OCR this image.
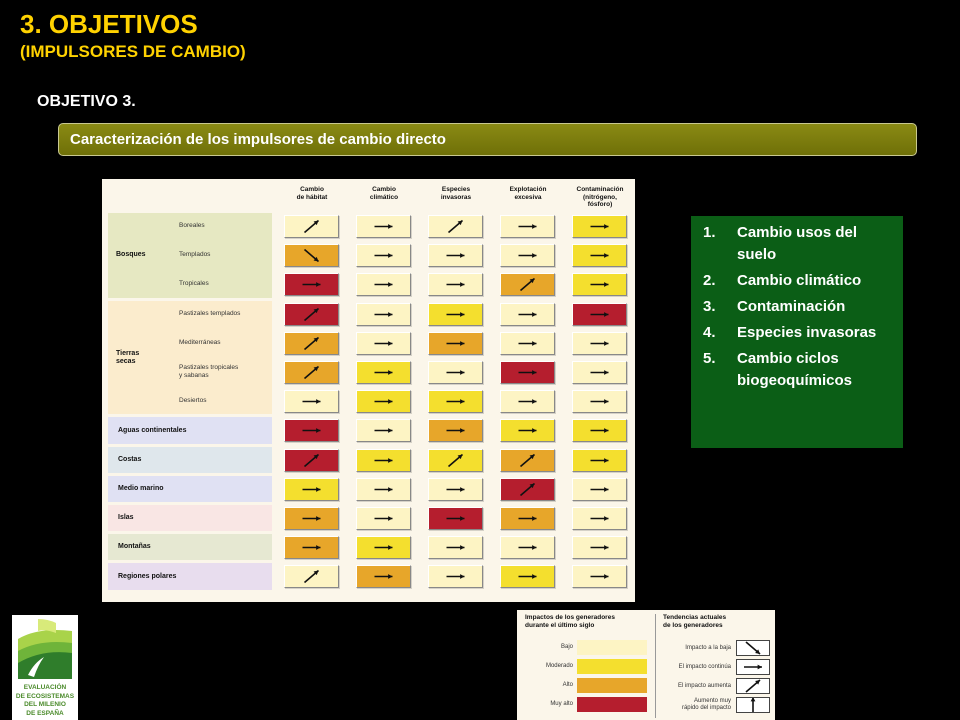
3. OBJETIVOS
(IMPULSORES DE CAMBIO)
OBJETIVO 3.
Caracterización de los impulsores de cambio directo
Cambio
de hábitat
Cambio
climático
Especies
invasoras
Explotación
excesiva
Contaminación
(nitrógeno,
fósforo)
Bosques
Boreales
Templados
Tropicales
Tierras
secas
Pastizales templados
Mediterráneas
Pastizales tropicales
y sabanas
Desiertos
Aguas continentales
Costas
Medio marino
Islas
Montañas
Regiones polares
1. Cambio usos del suelo
2. Cambio climático
3. Contaminación
4. Especies invasoras
5. Cambio ciclos biogeoquímicos
Impactos de los generadores
durante el último siglo
Tendencias actuales
de los generadores
Bajo
Moderado
Alto
Muy alto
Impacto a la baja
El impacto continúa
El impacto aumenta
Aumento muy
rápido del impacto
EVALUACIÓN
DE ECOSISTEMAS
DEL MILENIO
DE ESPAÑA
